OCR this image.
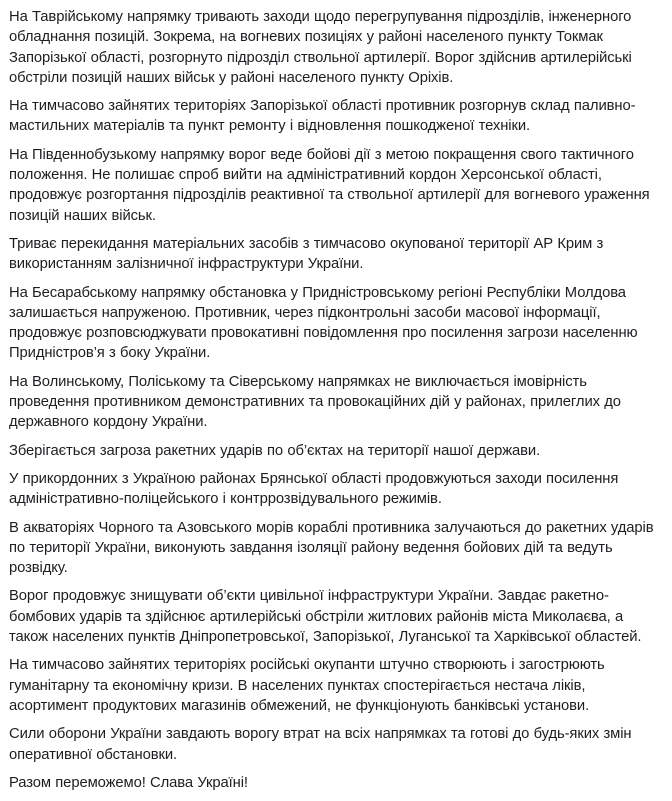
На Таврійському напрямку тривають заходи щодо перегрупування підрозділів, інженерного обладнання позицій. Зокрема, на вогневих позиціях у районі населеного пункту Токмак Запорізької області, розгорнуто підрозділ ствольної артилерії. Ворог здійснив артилерійські обстріли позицій наших військ у районі населеного пункту Оріхів.

На тимчасово зайнятих територіях Запорізької області противник розгорнув склад паливно-мастильних матеріалів та пункт ремонту і відновлення пошкодженої техніки.

На Південнобузькому напрямку ворог веде бойові дії з метою покращення свого тактичного положення. Не полишає спроб вийти на адміністративний кордон Херсонської області, продовжує розгортання підрозділів реактивної та ствольної артилерії для вогневого ураження позицій наших військ.

Триває перекидання матеріальних засобів з тимчасово окупованої території АР Крим з використанням залізничної інфраструктури України.

На Бесарабському напрямку обстановка у Придністровському регіоні Республіки Молдова залишається напруженою. Противник, через підконтрольні засоби масової інформації, продовжує розповсюджувати провокативні повідомлення про посилення загрози населенню Придністров’я з боку України.

На Волинському, Поліському та Сіверському напрямках не виключається імовірність проведення противником демонстративних та провокаційних дій у районах, прилеглих до державного кордону України.

Зберігається загроза ракетних ударів по об’єктах на території нашої держави.

У прикордонних з Україною районах Брянської області продовжуються заходи посилення адміністративно-поліцейського і контррозвідувального режимів.

В акваторіях Чорного та Азовського морів кораблі противника залучаються до ракетних ударів по території України, виконують завдання ізоляції району ведення бойових дій та ведуть розвідку.

Ворог продовжує знищувати об’єкти цивільної інфраструктури України. Завдає ракетно-бомбових ударів та здійснює артилерійські обстріли житлових районів міста Миколаєва, а також населених пунктів Дніпропетровської, Запорізької, Луганської та Харківської областей.

На тимчасово зайнятих територіях російські окупанти штучно створюють і загострюють гуманітарну та економічну кризи. В населених пунктах спостерігається нестача ліків, асортимент продуктових магазинів обмежений, не функціонують банківські установи.

Сили оборони України завдають ворогу втрат на всіх напрямках та готові до будь-яких змін оперативної обстановки.

Разом переможемо! Слава Україні!
